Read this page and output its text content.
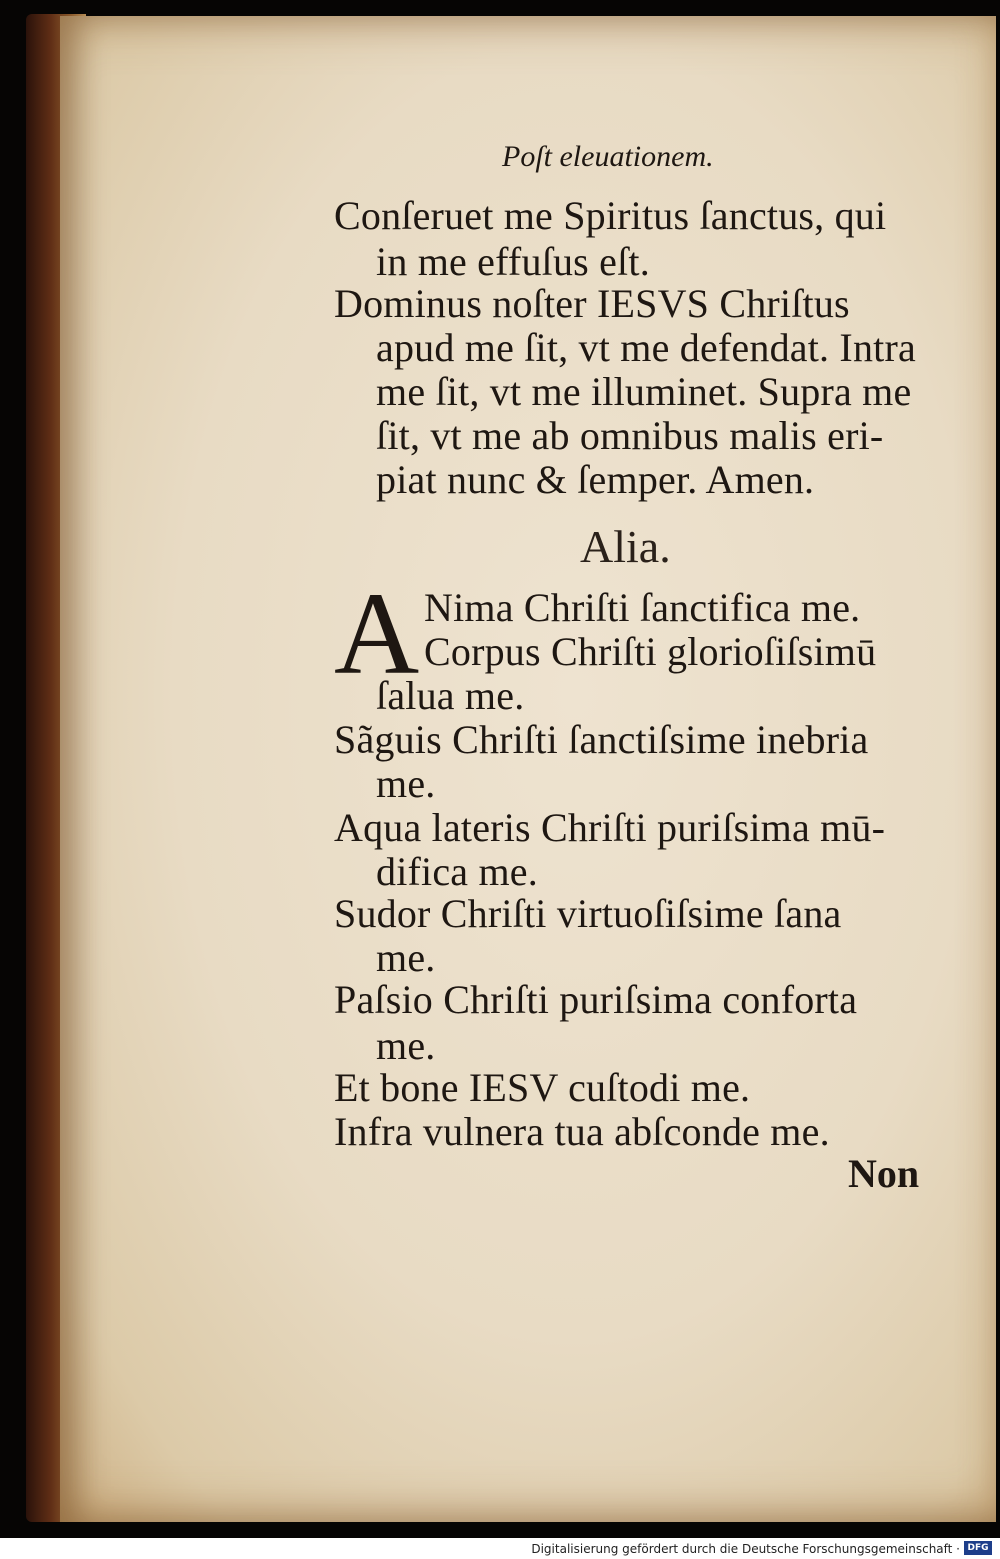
Poſt eleuationem.
Conſeruet me Spiritus ſanctus, qui
in me effuſus eſt.
Dominus noſter IESVS Chriſtus
apud me ſit, vt me defendat. Intra
me ſit, vt me illuminet. Supra me
ſit, vt me ab omnibus malis eri-
piat nunc & ſemper. Amen.
Alia.
A Nima Chriſti ſanctifica me.
Corpus Chriſti glorioſiſsimū
ſalua me.
Sãguis Chriſti ſanctiſsime inebria
me.
Aqua lateris Chriſti puriſsima mū-
difica me.
Sudor Chriſti virtuoſiſsime ſana
me.
Paſsio Chriſti puriſsima conforta
me.
Et bone IESV cuſtodi me.
Infra vulnera tua abſconde me.
Non
Digitalisierung gefördert durch die Deutsche Forschungsgemeinschaft · DFG
